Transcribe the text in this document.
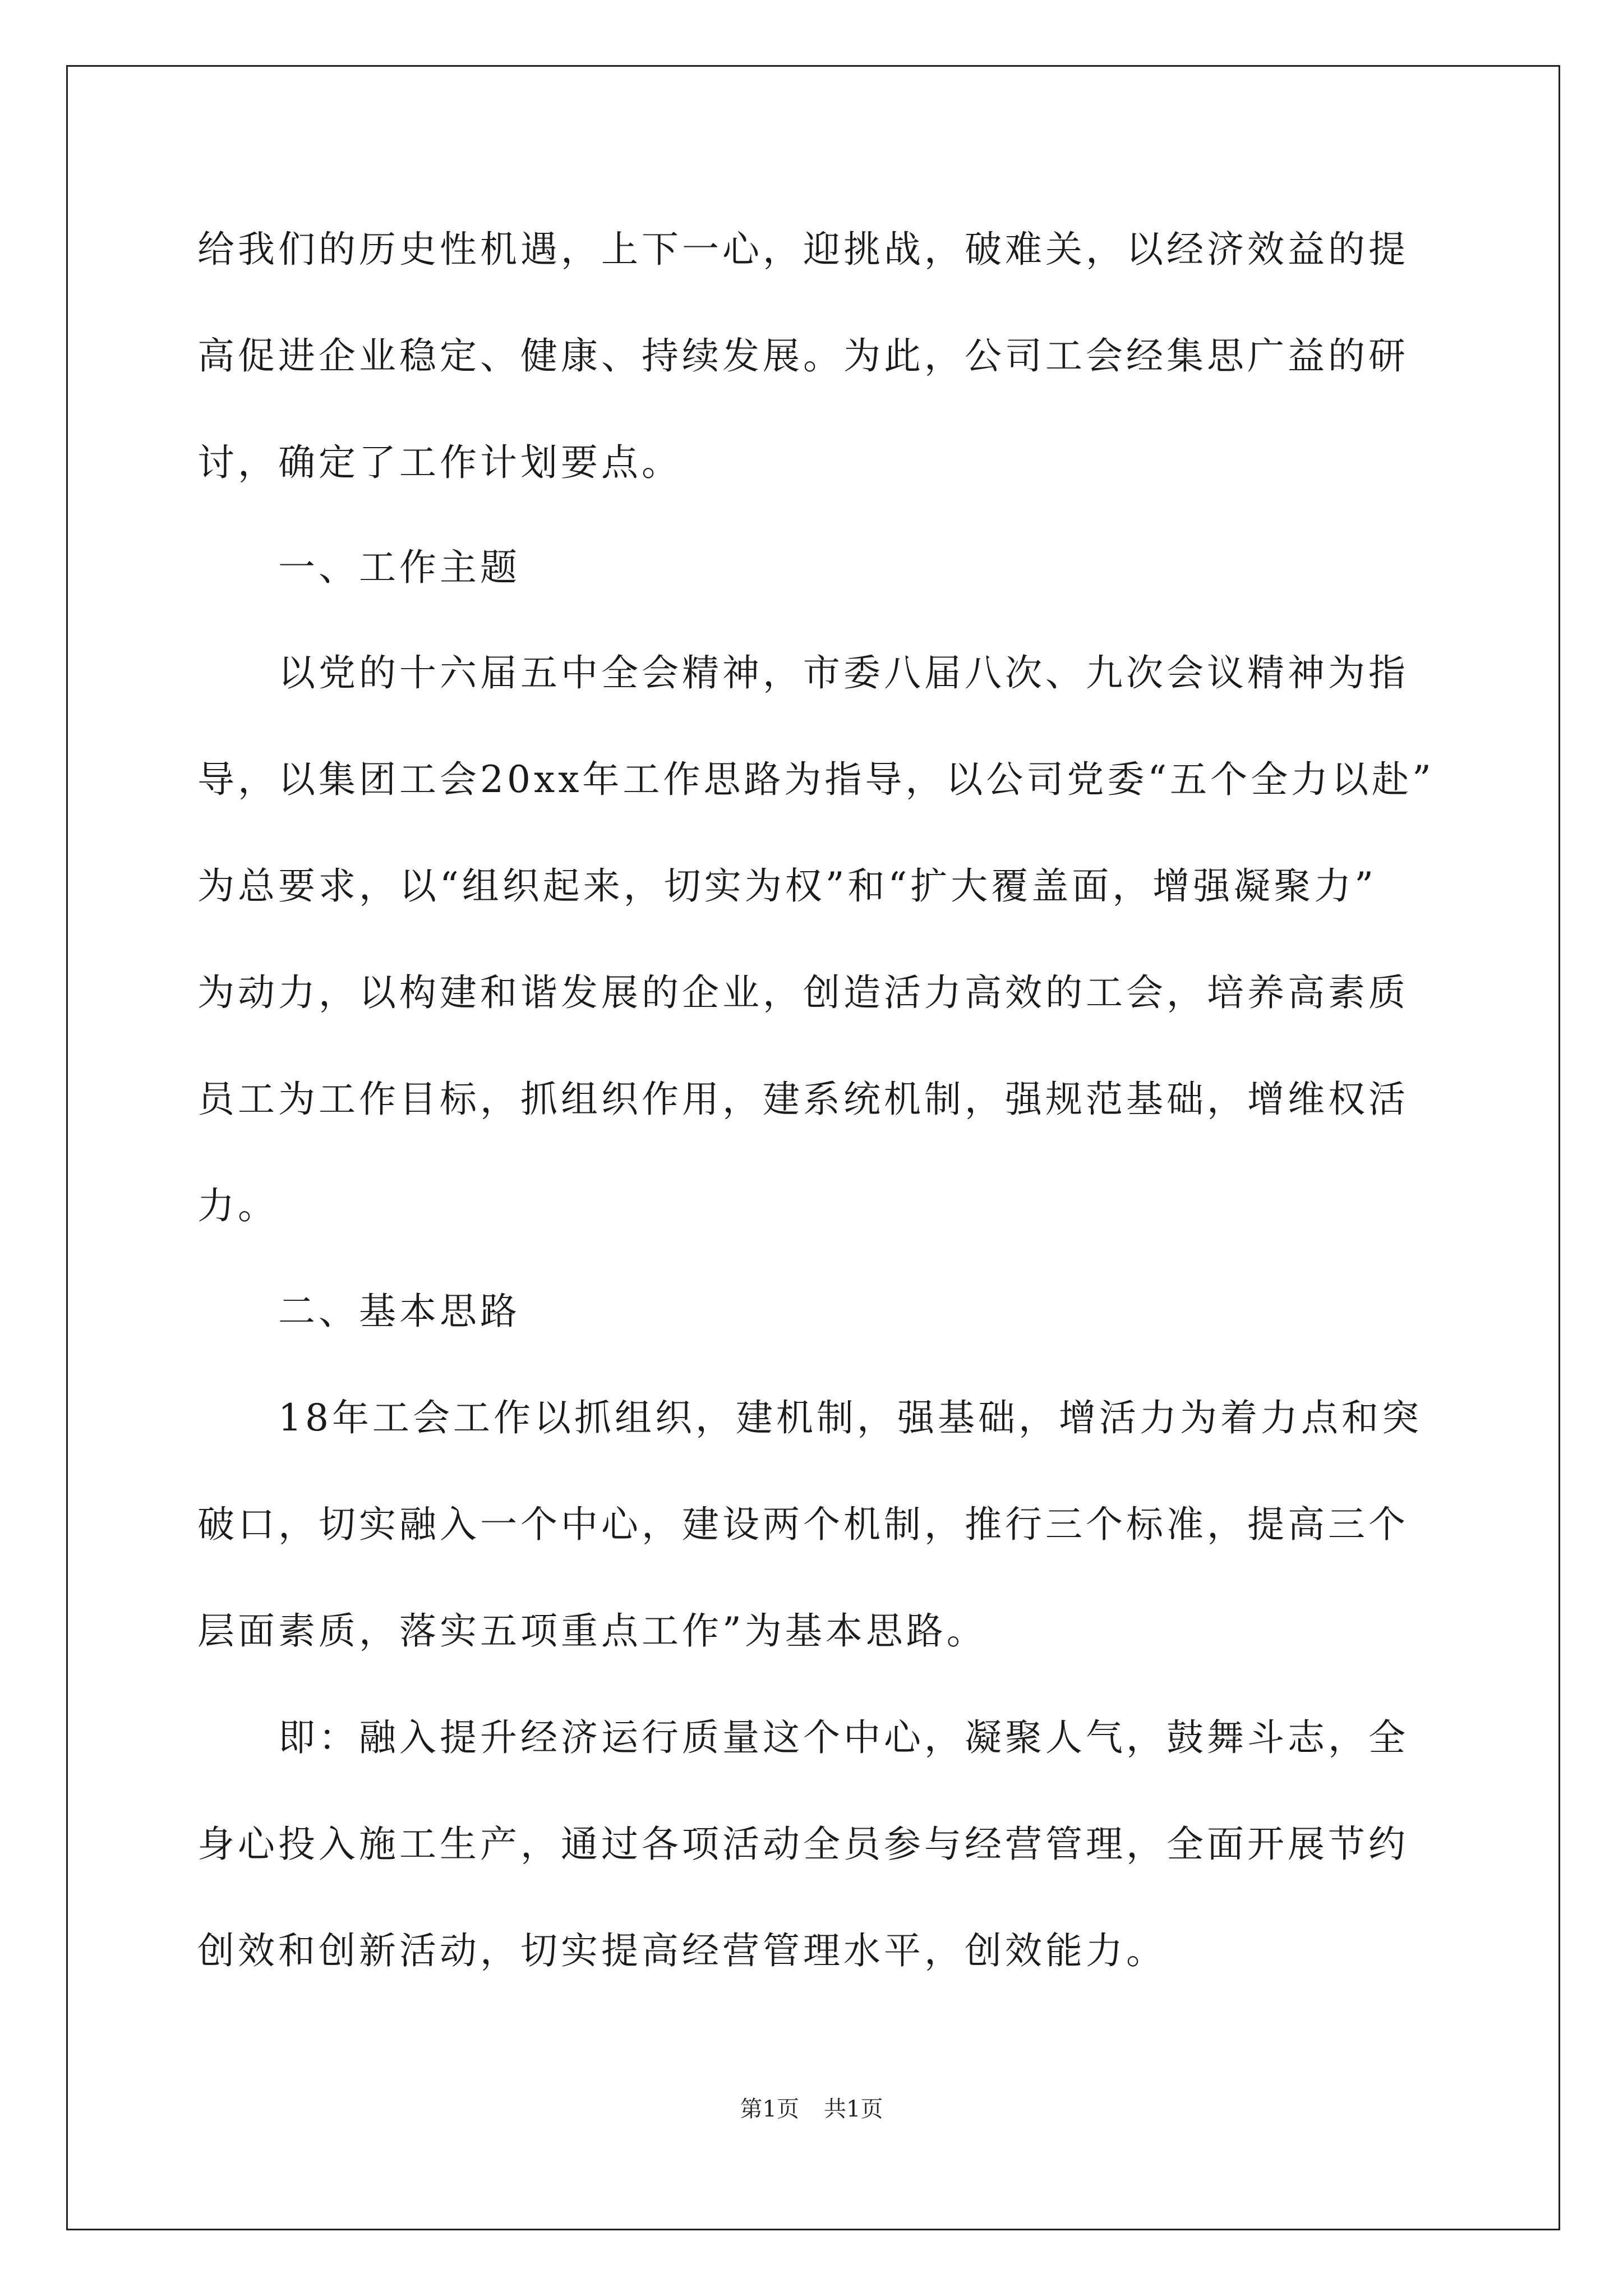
给我们的历史性机遇，上下一心，迎挑战，破难关，以经济效益的提
高促进企业稳定、健康、持续发展。为此，公司工会经集思广益的研
讨，确定了工作计划要点。
一、工作主题
以党的十六届五中全会精神，市委八届八次、九次会议精神为指
导，以集团工会20xx年工作思路为指导，以公司党委“五个全力以赴”
为总要求，以“组织起来，切实为权”和“扩大覆盖面，增强凝聚力”
为动力，以构建和谐发展的企业，创造活力高效的工会，培养高素质
员工为工作目标，抓组织作用，建系统机制，强规范基础，增维权活
力。
二、基本思路
18年工会工作以抓组织，建机制，强基础，增活力为着力点和突
破口，切实融入一个中心，建设两个机制，推行三个标准，提高三个
层面素质，落实五项重点工作”为基本思路。
即：融入提升经济运行质量这个中心，凝聚人气，鼓舞斗志，全
身心投入施工生产，通过各项活动全员参与经营管理，全面开展节约
创效和创新活动，切实提高经营管理水平，创效能力。
第1页 共1页
